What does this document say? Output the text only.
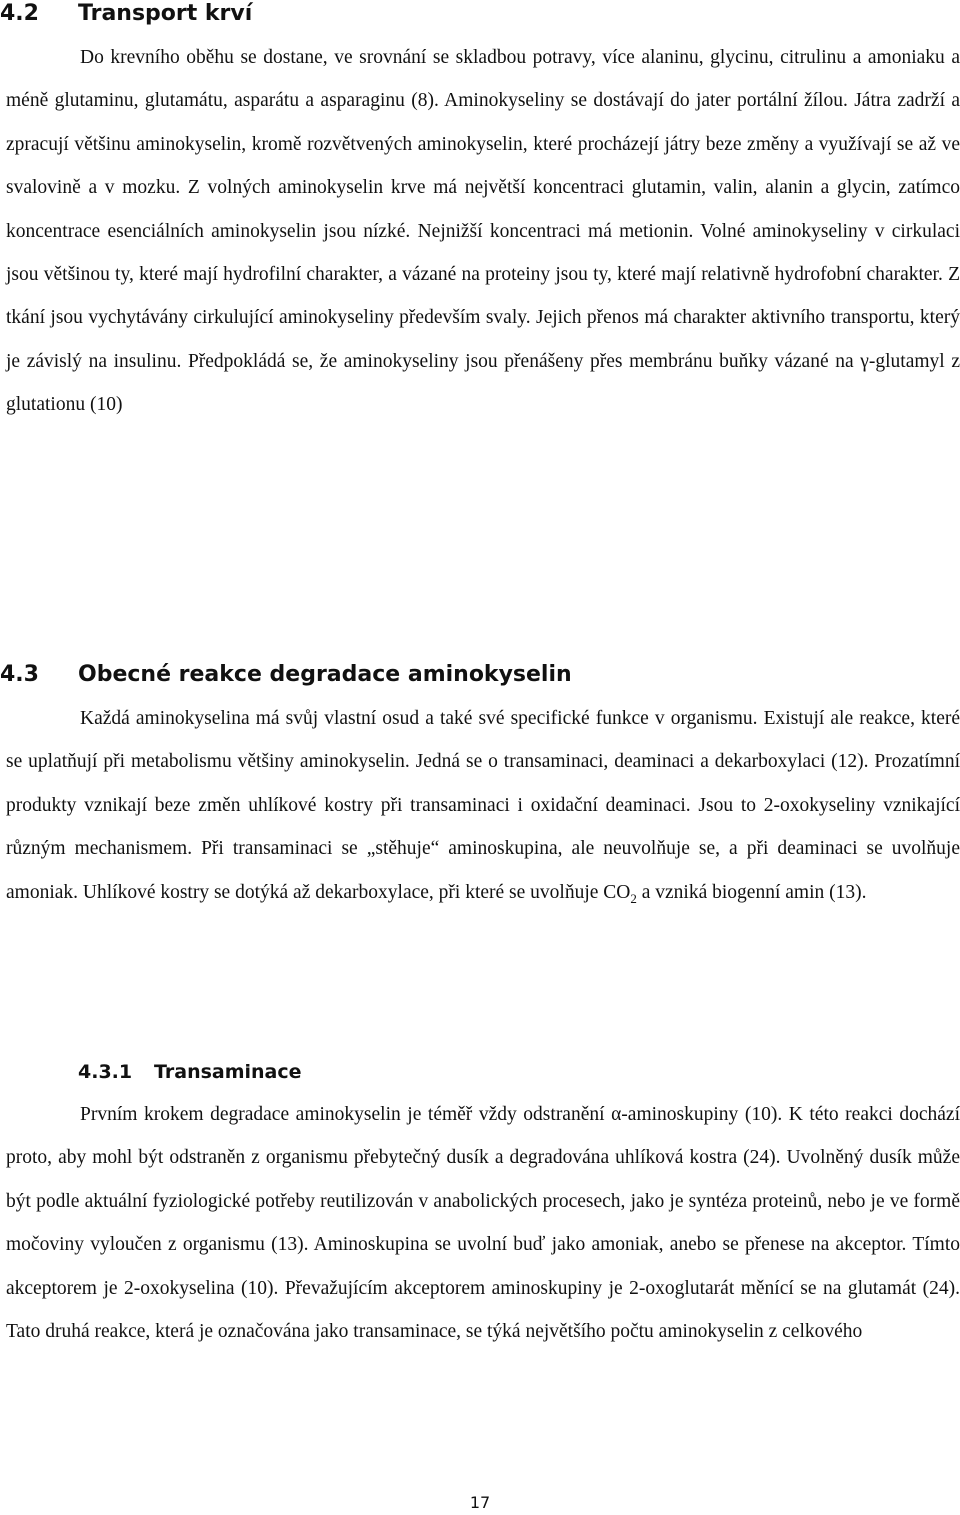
4.2 Transport krví

Do krevního oběhu se dostane, ve srovnání se skladbou potravy, více alaninu, glycinu, citrulinu a amoniaku a méně glutaminu, glutamátu, asparátu a asparaginu (8). Aminokyseliny se dostávají do jater portální žílou. Játra zadrží a zpracují většinu aminokyselin, kromě rozvětvených aminokyselin, které procházejí játry beze změny a využívají se až ve svalovině a v mozku. Z volných aminokyselin krve má největší koncentraci glutamin, valin, alanin a glycin, zatímco koncentrace esenciálních aminokyselin jsou nízké. Nejnižší koncentraci má metionin. Volné aminokyseliny v cirkulaci jsou většinou ty, které mají hydrofilní charakter, a vázané na proteiny jsou ty, které mají relativně hydrofobní charakter. Z tkání jsou vychytávány cirkulující aminokyseliny především svaly. Jejich přenos má charakter aktivního transportu, který je závislý na insulinu. Předpokládá se, že aminokyseliny jsou přenášeny přes membránu buňky vázané na γ-glutamyl z glutationu (10)

4.3 Obecné reakce degradace aminokyselin

Každá aminokyselina má svůj vlastní osud a také své specifické funkce v organismu. Existují ale reakce, které se uplatňují při metabolismu většiny aminokyselin. Jedná se o transaminaci, deaminaci a dekarboxylaci (12). Prozatímní produkty vznikají beze změn uhlíkové kostry při transaminaci i oxidační deaminaci. Jsou to 2-oxokyseliny vznikající různým mechanismem. Při transaminaci se „stěhuje“ aminoskupina, ale neuvolňuje se, a při deaminaci se uvolňuje amoniak. Uhlíkové kostry se dotýká až dekarboxylace, při které se uvolňuje $CO_2$ a vzniká biogenní amin (13).

4.3.1 Transaminace

Prvním krokem degradace aminokyselin je téměř vždy odstranění α-aminoskupiny (10). K této reakci dochází proto, aby mohl být odstraněn z organismu přebytečný dusík a degradována uhlíková kostra (24). Uvolněný dusík může být podle aktuální fyziologické potřeby reutilizován v anabolických procesech, jako je syntéza proteinů, nebo je ve formě močoviny vyloučen z organismu (13). Aminoskupina se uvolní buď jako amoniak, anebo se přenese na akceptor. Tímto akceptorem je 2-oxokyselina (10). Převažujícím akceptorem aminoskupiny je 2-oxoglutarát měnící se na glutamát (24). Tato druhá reakce, která je označována jako transaminace, se týká největšího počtu aminokyselin z celkového

17
